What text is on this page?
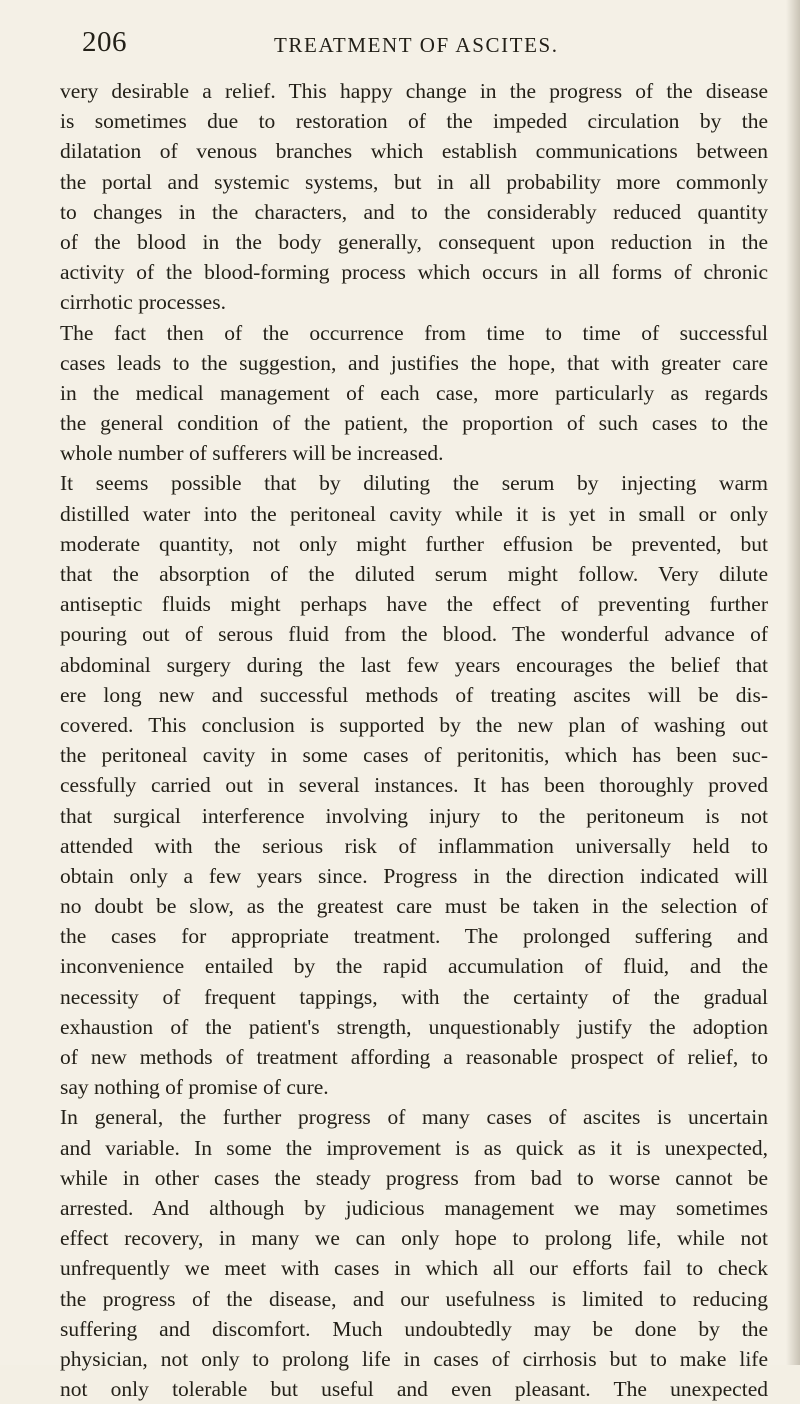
206	TREATMENT OF ASCITES.
very desirable a relief. This happy change in the progress of the disease
is sometimes due to restoration of the impeded circulation by the
dilatation of venous branches which establish communications between
the portal and systemic systems, but in all probability more commonly
to changes in the characters, and to the considerably reduced quantity
of the blood in the body generally, consequent upon reduction in the
activity of the blood-forming process which occurs in all forms of chronic
cirrhotic processes.
The fact then of the occurrence from time to time of successful
cases leads to the suggestion, and justifies the hope, that with greater care
in the medical management of each case, more particularly as regards
the general condition of the patient, the proportion of such cases to the
whole number of sufferers will be increased.
It seems possible that by diluting the serum by injecting warm
distilled water into the peritoneal cavity while it is yet in small or only
moderate quantity, not only might further effusion be prevented, but
that the absorption of the diluted serum might follow. Very dilute
antiseptic fluids might perhaps have the effect of preventing further
pouring out of serous fluid from the blood. The wonderful advance of
abdominal surgery during the last few years encourages the belief that
ere long new and successful methods of treating ascites will be dis-
covered. This conclusion is supported by the new plan of washing out
the peritoneal cavity in some cases of peritonitis, which has been suc-
cessfully carried out in several instances. It has been thoroughly proved
that surgical interference involving injury to the peritoneum is not
attended with the serious risk of inflammation universally held to
obtain only a few years since. Progress in the direction indicated will
no doubt be slow, as the greatest care must be taken in the selection of
the cases for appropriate treatment. The prolonged suffering and
inconvenience entailed by the rapid accumulation of fluid, and the
necessity of frequent tappings, with the certainty of the gradual
exhaustion of the patient's strength, unquestionably justify the adoption
of new methods of treatment affording a reasonable prospect of relief, to
say nothing of promise of cure.
In general, the further progress of many cases of ascites is uncertain
and variable. In some the improvement is as quick as it is unexpected,
while in other cases the steady progress from bad to worse cannot be
arrested. And although by judicious management we may sometimes
effect recovery, in many we can only hope to prolong life, while not
unfrequently we meet with cases in which all our efforts fail to check
the progress of the disease, and our usefulness is limited to reducing
suffering and discomfort. Much undoubtedly may be done by the
physician, not only to prolong life in cases of cirrhosis but to make life
not only tolerable but useful and even pleasant. The unexpected
